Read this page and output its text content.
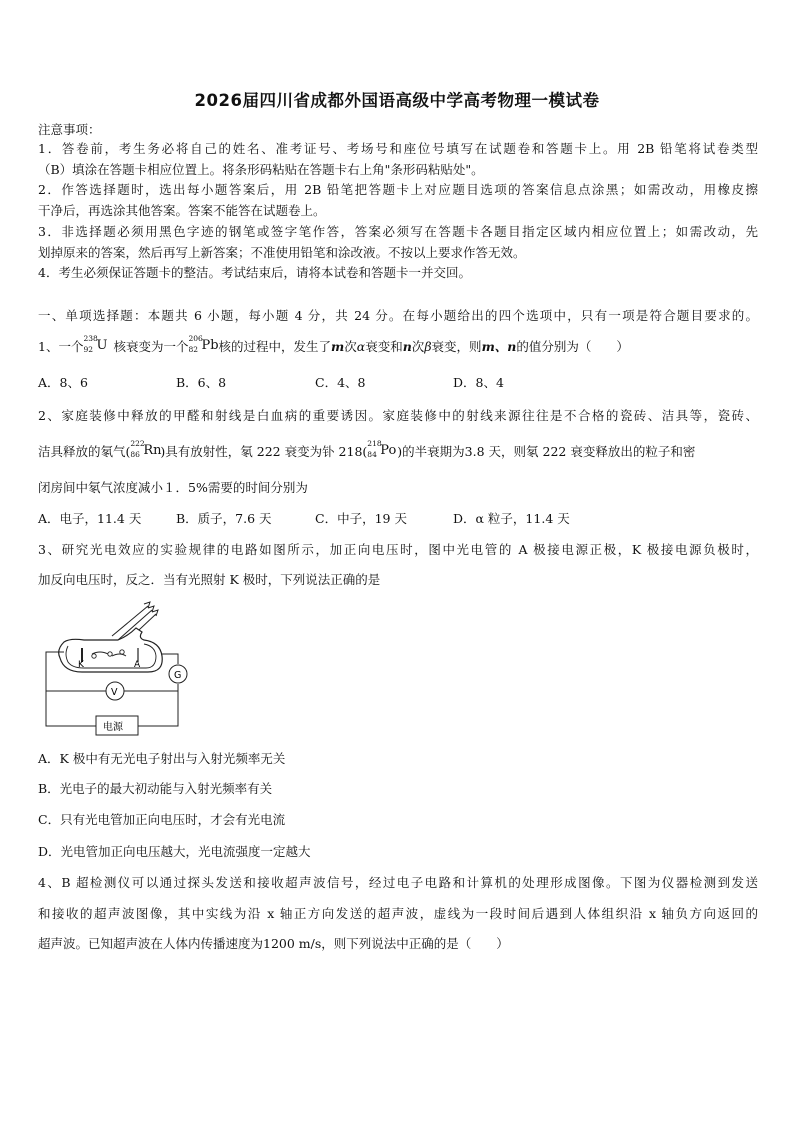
2026届四川省成都外国语高级中学高考物理一模试卷
注意事项：
1．答卷前，考生务必将自己的姓名、准考证号、考场号和座位号填写在试题卷和答题卡上。用 2B 铅笔将试卷类型
（B）填涂在答题卡相应位置上。将条形码粘贴在答题卡右上角"条形码粘贴处"。
2．作答选择题时，选出每小题答案后，用 2B 铅笔把答题卡上对应题目选项的答案信息点涂黑；如需改动，用橡皮擦
干净后，再选涂其他答案。答案不能答在试题卷上。
3．非选择题必须用黑色字迹的钢笔或签字笔作答，答案必须写在答题卡各题目指定区域内相应位置上；如需改动，先
划掉原来的答案，然后再写上新答案；不准使用铅笔和涂改液。不按以上要求作答无效。
4．考生必须保证答题卡的整洁。考试结束后，请将本试卷和答题卡一并交回。
一、单项选择题：本题共 6 小题，每小题 4 分，共 24 分。在每小题给出的四个选项中，只有一项是符合题目要求的。
1、一个
238
92 U 核衰变为一个
206
82 Pb 核的过程中，发生了m次α衰变和n次β衰变，则m、n的值分别为（　　）
A．8、6	B．6、8	C．4、8	D．8、4
2、家庭装修中释放的甲醛和射线是白血病的重要诱因。家庭装修中的射线来源往往是不合格的瓷砖、洁具等，瓷砖、
洁具释放的氡气(
222
86 Rn
)具有放射性，氡 222 衰变为钋 218(
218
84 Po )的半衰期为3.8 天，则氡 222 衰变释放出的粒子和密
闭房间中氡气浓度减小１．5%需要的时间分别为
A．电子，11.4 天	B．质子，7.6 天	C．中子，19 天	D．α 粒子，11.4 天
3、研究光电效应的实验规律的电路如图所示，加正向电压时，图中光电管的 A 极接电源正极，K 极接电源负极时，
加反向电压时，反之．当有光照射 K 极时，下列说法正确的是
K	A
G
V
电源
A．K 极中有无光电子射出与入射光频率无关
B．光电子的最大初动能与入射光频率有关
C．只有光电管加正向电压时，才会有光电流
D．光电管加正向电压越大，光电流强度一定越大
4、B 超检测仪可以通过探头发送和接收超声波信号，经过电子电路和计算机的处理形成图像。下图为仪器检测到发送
和接收的超声波图像，其中实线为沿 x 轴正方向发送的超声波，虚线为一段时间后遇到人体组织沿 x 轴负方向返回的
超声波。已知超声波在人体内传播速度为1200 m/s，则下列说法中正确的是（　　）
